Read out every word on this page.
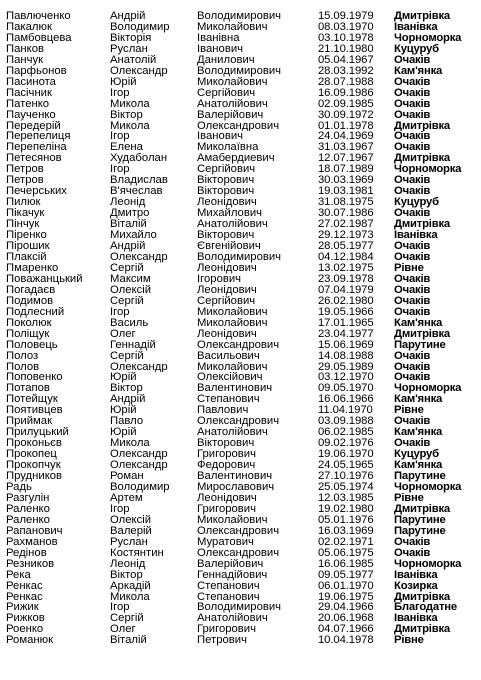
Павлюченко	Андрій	Володимирович	15.09.1979	Дмитрівка
Пакалюк	Володимир	Миколайович	08.03.1970	Іванівка
Памбовцева	Вікторія	Іванівна	03.10.1978	Чорноморка
Панков	Руслан	Іванович	21.10.1980	Куцуруб
Панчук	Анатолій	Данилович	05.04.1967	Очаків
Парфьонов	Олександр	Володимирович	28.03.1992	Кам'янка
Пасинота	Юрій	Миколайович	28.07.1988	Очаків
Пасічник	Ігор	Сергійович	16.09.1986	Очаків
Патенко	Микола	Анатолійович	02.09.1985	Очаків
Паученко	Віктор	Валерійович	30.09.1972	Очаків
Передерій	Микола	Олександрович	01.01.1978	Дмитрівка
Перепелиця	Ігор	Іванович	24.04.1969	Очаків
Перепеліна	Елена	Миколаївна	31.03.1967	Очаків
Петесянов	Худаболан	Амабердиевич	12.07.1967	Дмитрівка
Петров	Ігор	Сергійович	18.07.1989	Чорноморка
Петров	Владислав	Вікторович	30.03.1969	Очаків
Печерських	В'ячеслав	Вікторович	19.03.1981	Очаків
Пилюк	Леонід	Леонідович	31.08.1975	Куцуруб
Пікачук	Дмитро	Михайлович	30.07.1986	Очаків
Пінчук	Віталій	Анатолійович	27.02.1987	Дмитрівка
Піренко	Михайло	Вікторович	29.12.1973	Іванівка
Пірошик	Андрій	Євгенійович	28.05.1977	Очаків
Плаксій	Олександр	Володимирович	04.12.1984	Очаків
Пмаренко	Сергій	Леонідович	13.02.1975	Рівне
Поважанцький	Максим	Ігорович	23.09.1978	Очаків
Погадаєв	Олексій	Леонідович	07.04.1979	Очаків
Подимов	Сергій	Сергійович	26.02.1980	Очаків
Подлесний	Ігор	Миколайович	19.05.1966	Очаків
Поколюк	Василь	Миколайович	17.01.1965	Кам'янка
Поліщук	Олег	Леонідович	23.04.1977	Дмитрівка
Половець	Геннадій	Олександрович	15.06.1969	Парутине
Полоз	Сергій	Васильович	14.08.1988	Очаків
Полов	Олександр	Миколайович	29.05.1989	Очаків
Поповенко	Юрій	Олексійович	03.12.1970	Очаків
Потапов	Віктор	Валентинович	09.05.1970	Чорноморка
Потейщук	Андрій	Степанович	16.06.1966	Кам'янка
Поятивцев	Юрій	Павлович	11.04.1970	Рівне
Приймак	Павло	Олександрович	03.09.1988	Очаків
Прилуцький	Юрій	Анатолійович	06.02.1985	Кам'янка
Проконьєв	Микола	Вікторович	09.02.1976	Очаків
Прокопец	Олександр	Григорович	19.06.1970	Куцуруб
Прокопчук	Олександр	Федорович	24.05.1965	Кам'янка
Прудников	Роман	Валентинович	27.10.1976	Парутине
Радь	Володимир	Мирославович	25.05.1974	Чорноморка
Разгулін	Артем	Леонідович	12.03.1985	Рівне
Раленко	Ігор	Григорович	19.02.1980	Дмитрівка
Раленко	Олексій	Миколайович	05.01.1976	Парутине
Рапанович	Валерій	Олександрович	16.03.1969	Парутине
Рахманов	Руслан	Муратович	02.02.1971	Очаків
Редінов	Костянтин	Олександрович	05.06.1975	Очаків
Резников	Леонід	Валерійович	16.06.1985	Чорноморка
Река	Віктор	Геннадійович	09.05.1977	Іванівка
Ренкас	Аркадій	Степанович	06.01.1970	Козирка
Ренкас	Микола	Степанович	19.06.1975	Дмитрівка
Рижик	Ігор	Володимирович	29.04.1966	Благодатне
Рижков	Сергій	Анатолійович	20.06.1968	Іванівка
Роенко	Олег	Григорович	04.07.1966	Дмитрівка
Романюк	Віталій	Петрович	10.04.1978	Рівне
